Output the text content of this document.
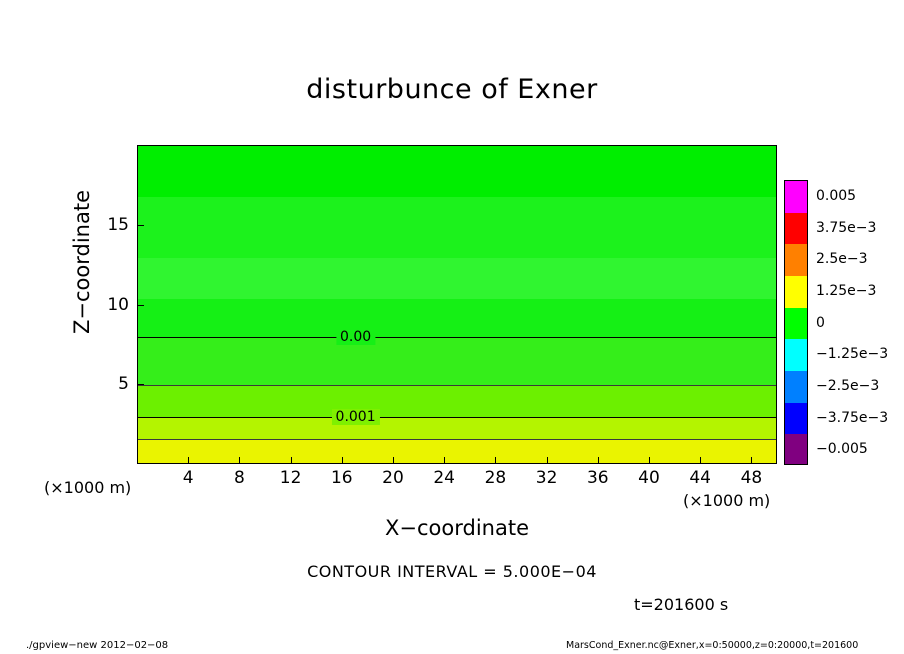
disturbunce of Exner
0.00
0.001
Z−coordinate
X−coordinate
(×1000 m)
(×1000 m)
4 8 12 16 20 24 28 32 36 40 44 48
5
10
15
0.005
3.75e−3
2.5e−3
1.25e−3
0
−1.25e−3
−2.5e−3
−3.75e−3
−0.005
CONTOUR INTERVAL = 5.000E−04
t=201600 s
./gpview−new 2012−02−08	MarsCond_Exner.nc@Exner,x=0:50000,z=0:20000,t=201600
